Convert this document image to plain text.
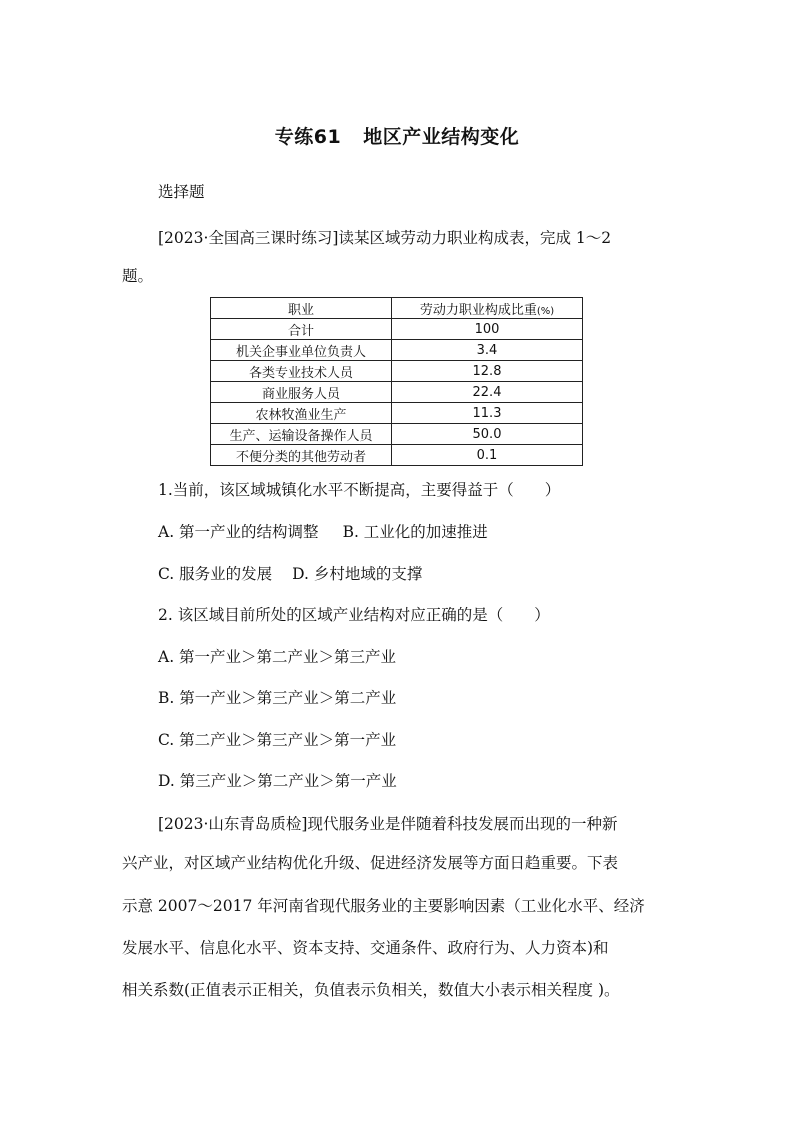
专练61 地区产业结构变化
选择题
[2023·全国高三课时练习]读某区域劳动力职业构成表，完成 1～2
题。
职业	劳动力职业构成比重(%)
合计	100
机关企事业单位负责人	3.4
各类专业技术人员	12.8
商业服务人员	22.4
农林牧渔业生产	11.3
生产、运输设备操作人员	50.0
不便分类的其他劳动者	0.1
1.当前，该区域城镇化水平不断提高，主要得益于（　　）
A. 第一产业的结构调整 B. 工业化的加速推进
C. 服务业的发展 D. 乡村地域的支撑
2. 该区域目前所处的区域产业结构对应正确的是（　　）
A. 第一产业＞第二产业＞第三产业
B. 第一产业＞第三产业＞第二产业
C. 第二产业＞第三产业＞第一产业
D. 第三产业＞第二产业＞第一产业
[2023·山东青岛质检]现代服务业是伴随着科技发展而出现的一种新
兴产业，对区域产业结构优化升级、促进经济发展等方面日趋重要。下表
示意 2007～2017 年河南省现代服务业的主要影响因素（工业化水平、经济
发展水平、信息化水平、资本支持、交通条件、政府行为、人力资本)和
相关系数(正值表示正相关，负值表示负相关，数值大小表示相关程度 )。
